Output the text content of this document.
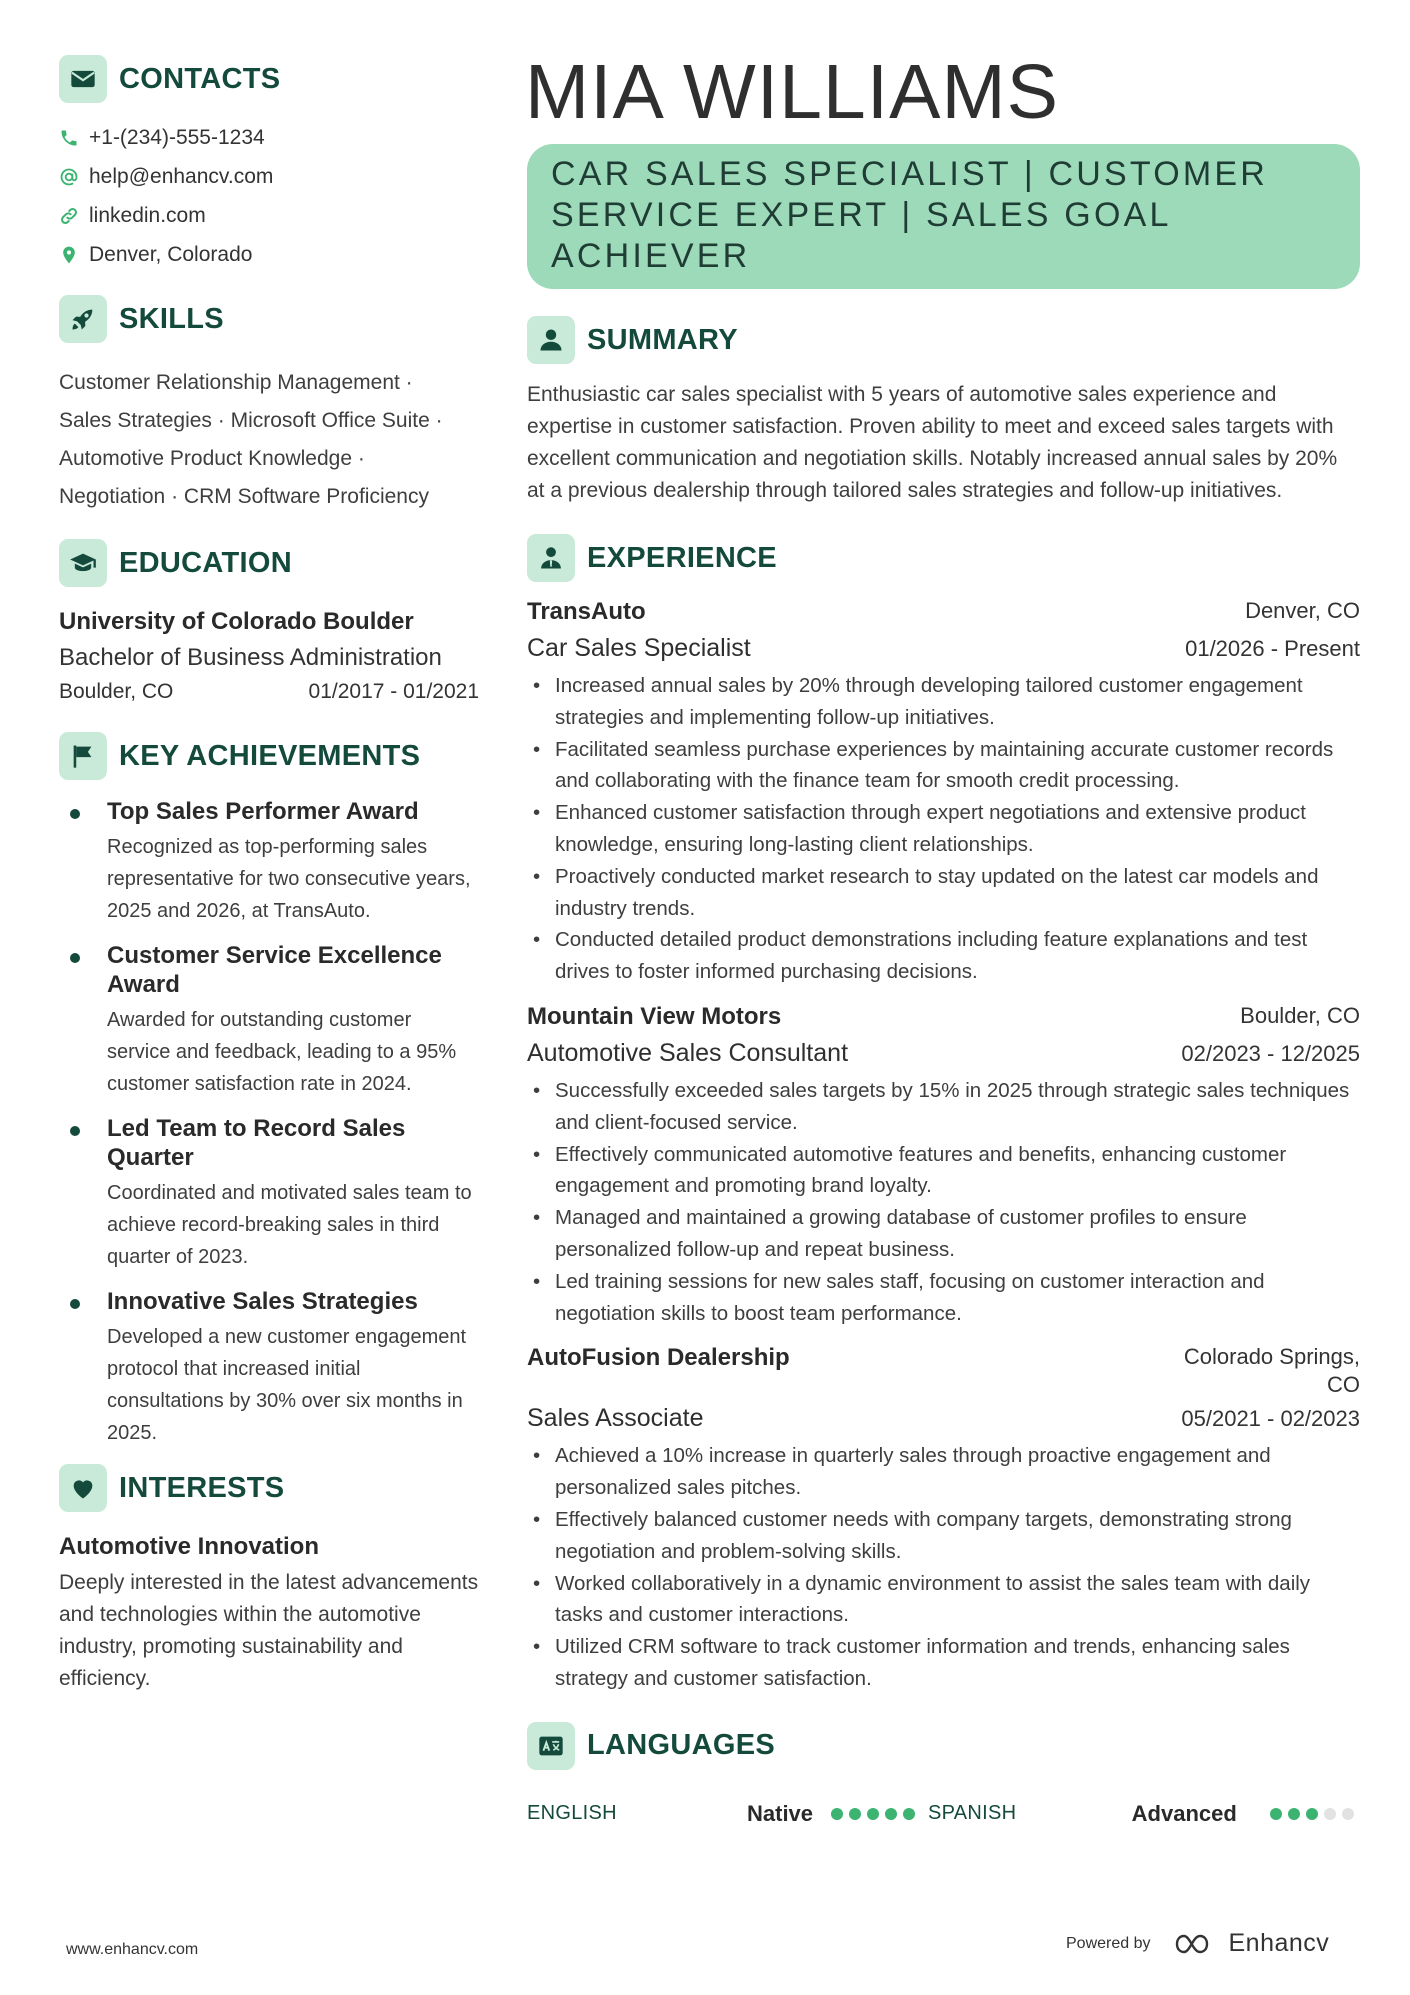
CONTACTS
+1-(234)-555-1234
help@enhancv.com
linkedin.com
Denver, Colorado
SKILLS
Customer Relationship Management ·
Sales Strategies · Microsoft Office Suite ·
Automotive Product Knowledge ·
Negotiation · CRM Software Proficiency
EDUCATION
University of Colorado Boulder
Bachelor of Business Administration
Boulder, CO	01/2017 - 01/2021
KEY ACHIEVEMENTS
Top Sales Performer Award
Recognized as top-performing sales representative for two consecutive years, 2025 and 2026, at TransAuto.
Customer Service Excellence Award
Awarded for outstanding customer service and feedback, leading to a 95% customer satisfaction rate in 2024.
Led Team to Record Sales Quarter
Coordinated and motivated sales team to achieve record-breaking sales in third quarter of 2023.
Innovative Sales Strategies
Developed a new customer engagement protocol that increased initial consultations by 30% over six months in 2025.
INTERESTS
Automotive Innovation
Deeply interested in the latest advancements and technologies within the automotive industry, promoting sustainability and efficiency.
MIA WILLIAMS
CAR SALES SPECIALIST | CUSTOMER SERVICE EXPERT | SALES GOAL ACHIEVER
SUMMARY
Enthusiastic car sales specialist with 5 years of automotive sales experience and expertise in customer satisfaction. Proven ability to meet and exceed sales targets with excellent communication and negotiation skills. Notably increased annual sales by 20% at a previous dealership through tailored sales strategies and follow-up initiatives.
EXPERIENCE
TransAuto	Denver, CO
Car Sales Specialist	01/2026 - Present
• Increased annual sales by 20% through developing tailored customer engagement strategies and implementing follow-up initiatives.
• Facilitated seamless purchase experiences by maintaining accurate customer records and collaborating with the finance team for smooth credit processing.
• Enhanced customer satisfaction through expert negotiations and extensive product knowledge, ensuring long-lasting client relationships.
• Proactively conducted market research to stay updated on the latest car models and industry trends.
• Conducted detailed product demonstrations including feature explanations and test drives to foster informed purchasing decisions.
Mountain View Motors	Boulder, CO
Automotive Sales Consultant	02/2023 - 12/2025
• Successfully exceeded sales targets by 15% in 2025 through strategic sales techniques and client-focused service.
• Effectively communicated automotive features and benefits, enhancing customer engagement and promoting brand loyalty.
• Managed and maintained a growing database of customer profiles to ensure personalized follow-up and repeat business.
• Led training sessions for new sales staff, focusing on customer interaction and negotiation skills to boost team performance.
AutoFusion Dealership	Colorado Springs, CO
Sales Associate	05/2021 - 02/2023
• Achieved a 10% increase in quarterly sales through proactive engagement and personalized sales pitches.
• Effectively balanced customer needs with company targets, demonstrating strong negotiation and problem-solving skills.
• Worked collaboratively in a dynamic environment to assist the sales team with daily tasks and customer interactions.
• Utilized CRM software to track customer information and trends, enhancing sales strategy and customer satisfaction.
LANGUAGES
ENGLISH	Native	SPANISH	Advanced
www.enhancv.com	Powered by	Enhancv
